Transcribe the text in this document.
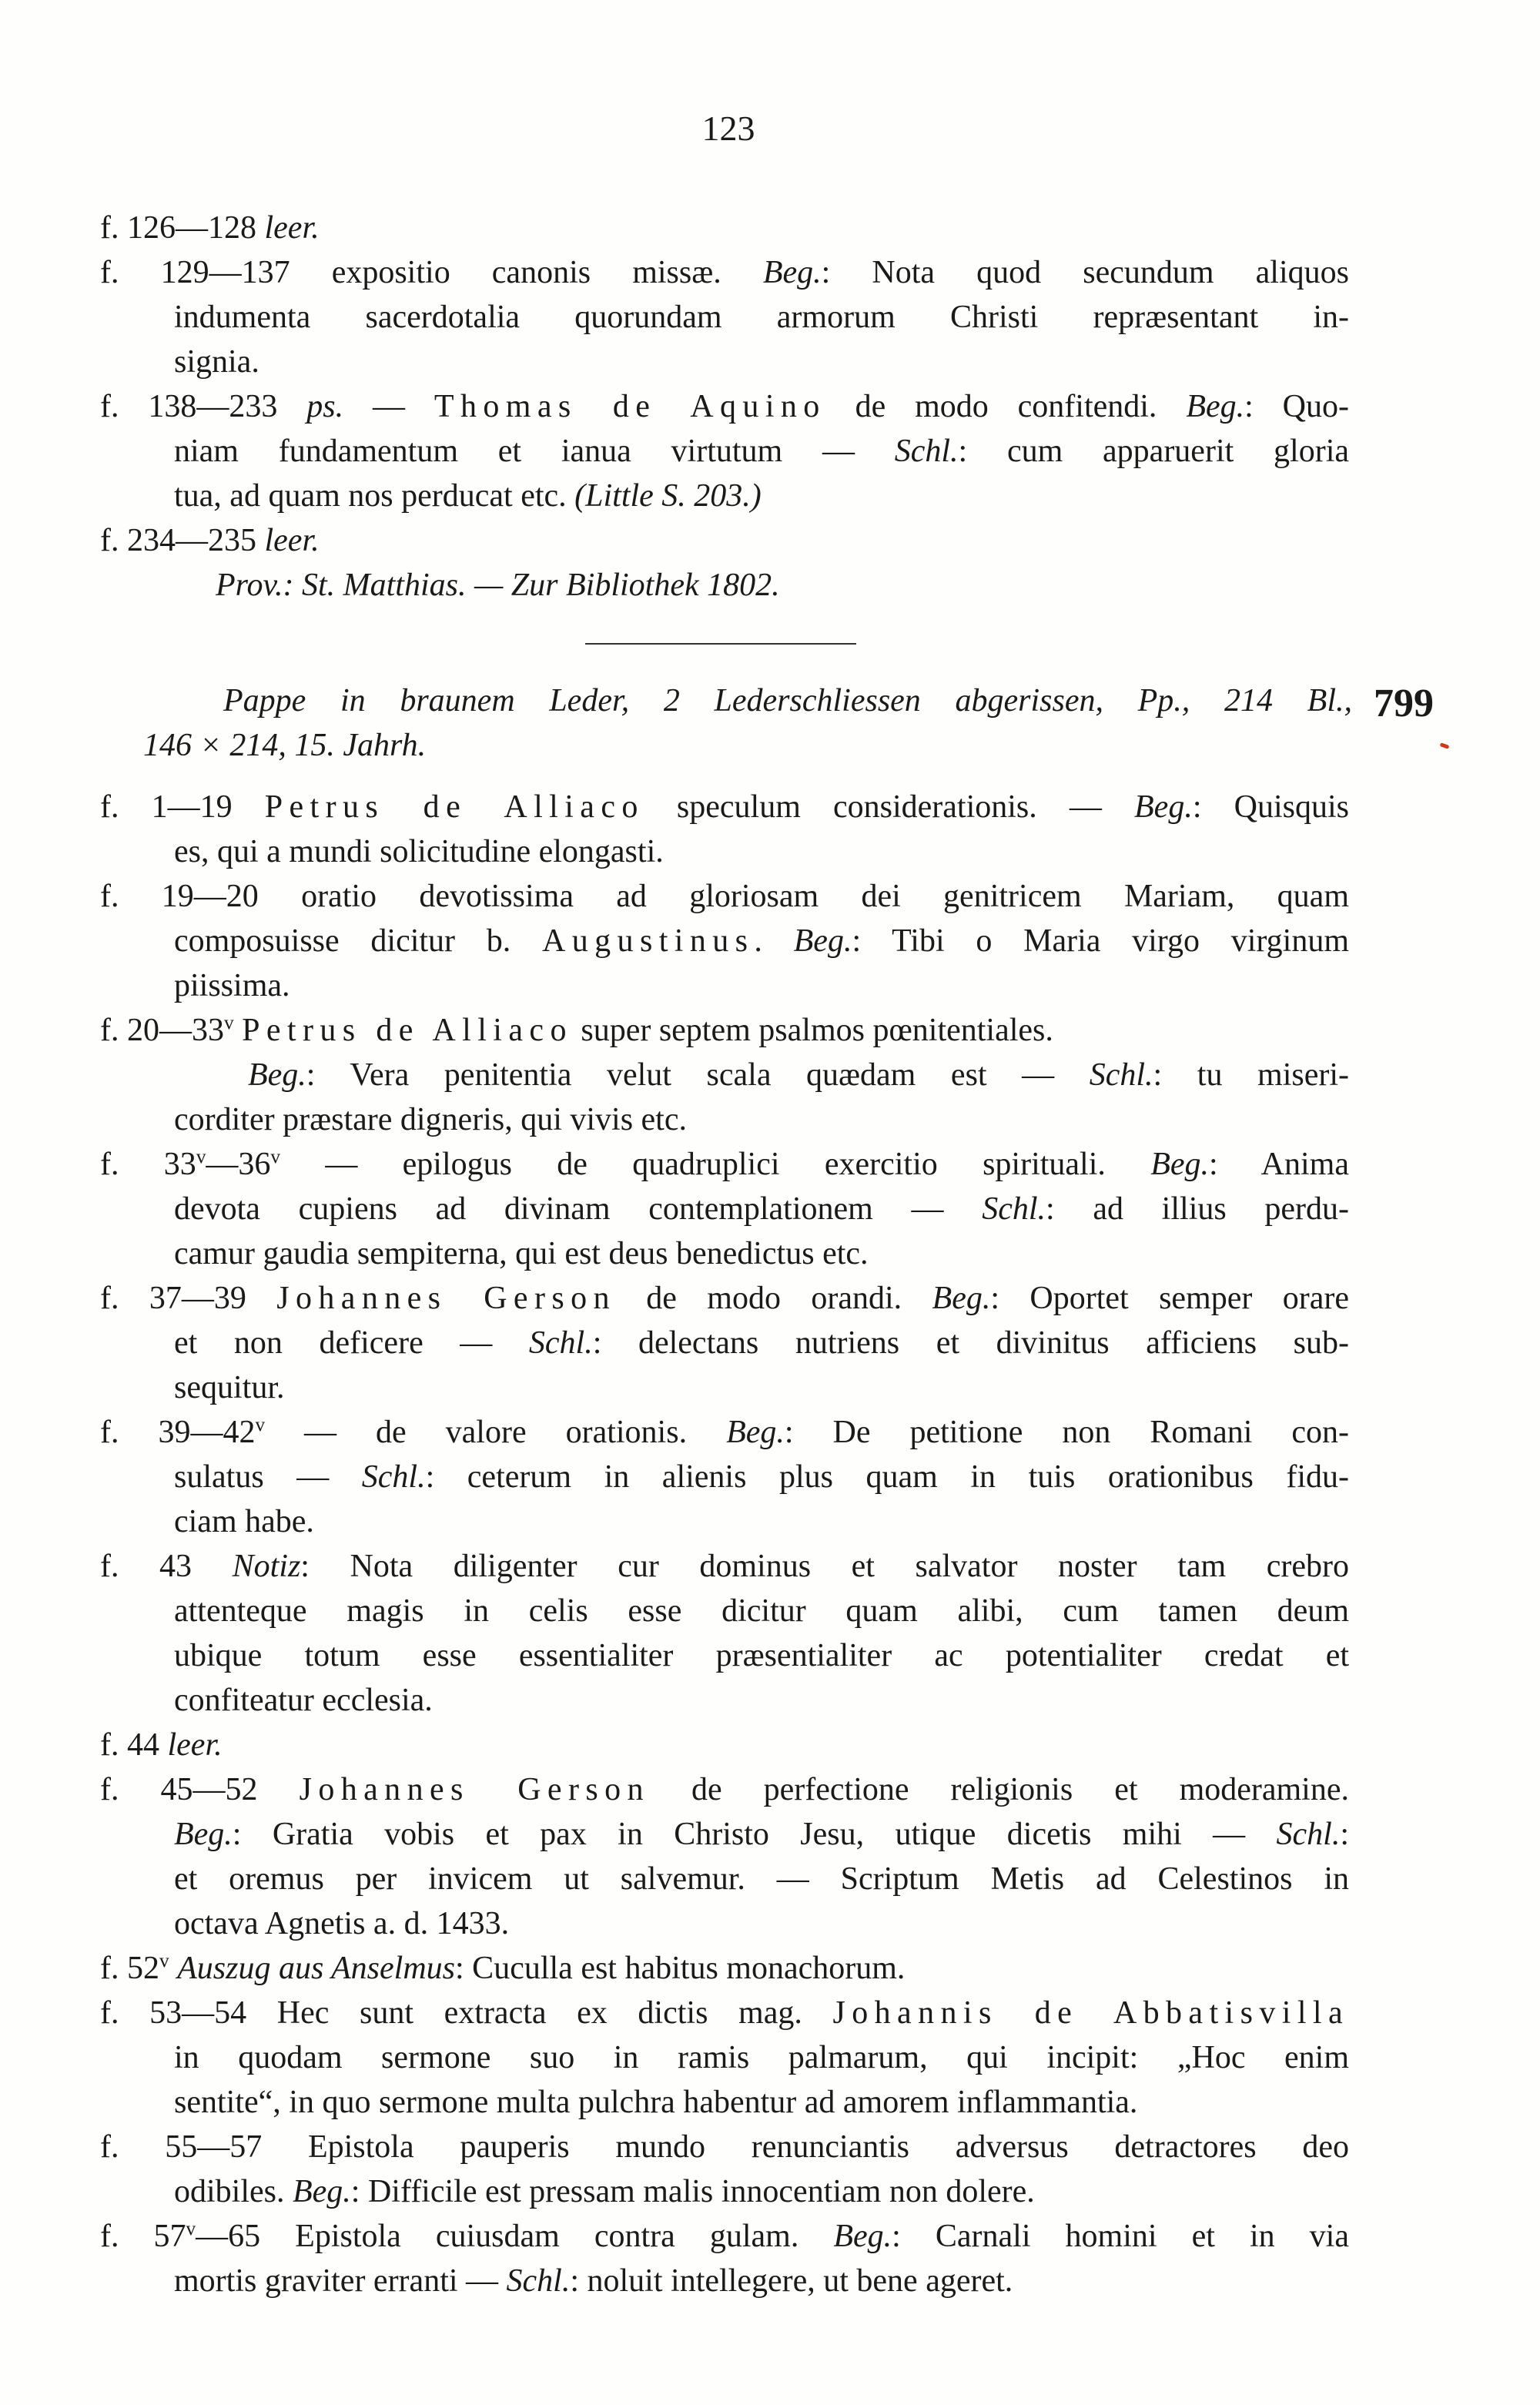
123
f. 126—128 leer.
f. 129—137 expositio canonis missæ. Beg.: Nota quod secundum aliquos
indumenta sacerdotalia quorundam armorum Christi repræsentant in-
signia.
f. 138—233 ps. — Thomas de Aquino de modo confitendi. Beg.: Quo-
niam fundamentum et ianua virtutum — Schl.: cum apparuerit gloria
tua, ad quam nos perducat etc. (Little S. 203.)
f. 234—235 leer.
Prov.: St. Matthias. — Zur Bibliothek 1802.
Pappe in braunem Leder, 2 Lederschliessen abgerissen, Pp., 214 Bl.,
146 × 214, 15. Jahrh.
799
f. 1—19 Petrus de Alliaco speculum considerationis. — Beg.: Quisquis
es, qui a mundi solicitudine elongasti.
f. 19—20 oratio devotissima ad gloriosam dei genitricem Mariam, quam
composuisse dicitur b. Augustinus. Beg.: Tibi o Maria virgo virginum
piissima.
f. 20—33$^v$ Petrus de Alliaco super septem psalmos pœnitentiales.
Beg.: Vera penitentia velut scala quædam est — Schl.: tu miseri-
corditer præstare digneris, qui vivis etc.
f. 33$^v$—36$^v$ — epilogus de quadruplici exercitio spirituali. Beg.: Anima
devota cupiens ad divinam contemplationem — Schl.: ad illius perdu-
camur gaudia sempiterna, qui est deus benedictus etc.
f. 37—39 Johannes Gerson de modo orandi. Beg.: Oportet semper orare
et non deficere — Schl.: delectans nutriens et divinitus afficiens sub-
sequitur.
f. 39—42$^v$ — de valore orationis. Beg.: De petitione non Romani con-
sulatus — Schl.: ceterum in alienis plus quam in tuis orationibus fidu-
ciam habe.
f. 43 Notiz: Nota diligenter cur dominus et salvator noster tam crebro
attenteque magis in celis esse dicitur quam alibi, cum tamen deum
ubique totum esse essentialiter præsentialiter ac potentialiter credat et
confiteatur ecclesia.
f. 44 leer.
f. 45—52 Johannes Gerson de perfectione religionis et moderamine.
Beg.: Gratia vobis et pax in Christo Jesu, utique dicetis mihi — Schl.:
et oremus per invicem ut salvemur. — Scriptum Metis ad Celestinos in
octava Agnetis a. d. 1433.
f. 52$^v$ Auszug aus Anselmus: Cuculla est habitus monachorum.
f. 53—54 Hec sunt extracta ex dictis mag. Johannis de Abbatisvilla
in quodam sermone suo in ramis palmarum, qui incipit: „Hoc enim
sentite“, in quo sermone multa pulchra habentur ad amorem inflammantia.
f. 55—57 Epistola pauperis mundo renunciantis adversus detractores deo
odibiles. Beg.: Difficile est pressam malis innocentiam non dolere.
f. 57$^v$—65 Epistola cuiusdam contra gulam. Beg.: Carnali homini et in via
mortis graviter erranti — Schl.: noluit intellegere, ut bene ageret.
